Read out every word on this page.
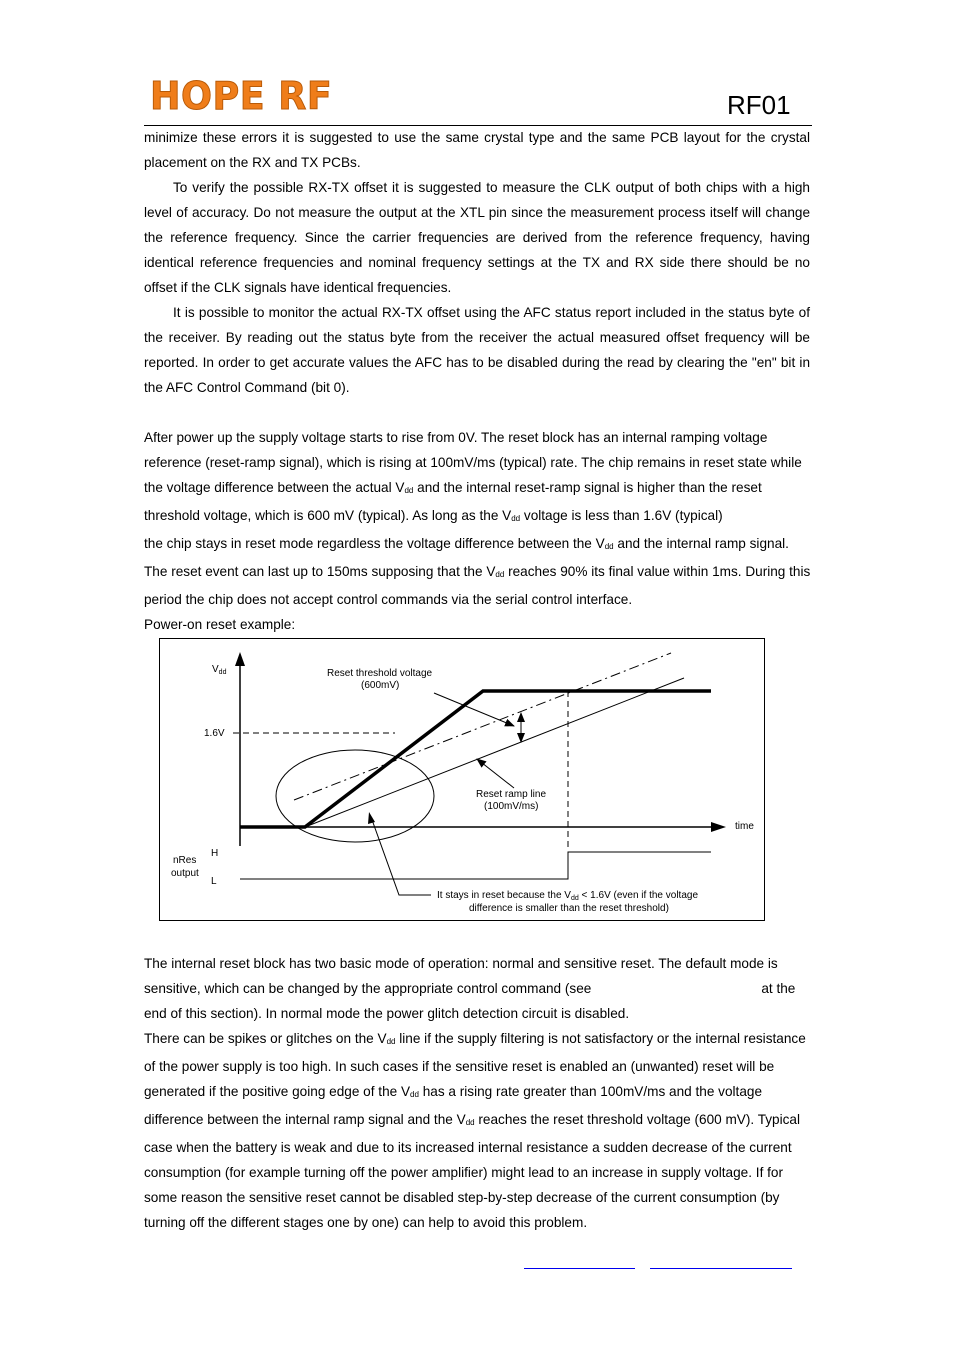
HOPE RF	RF01

minimize these errors it is suggested to use the same crystal type and the same PCB layout for the crystal placement on the RX and TX PCBs.

To verify the possible RX-TX offset it is suggested to measure the CLK output of both chips with a high level of accuracy. Do not measure the output at the XTL pin since the measurement process itself will change the reference frequency. Since the carrier frequencies are derived from the reference frequency, having identical reference frequencies and nominal frequency settings at the TX and RX side there should be no offset if the CLK signals have identical frequencies.

It is possible to monitor the actual RX-TX offset using the AFC status report included in the status byte of the receiver. By reading out the status byte from the receiver the actual measured offset frequency will be reported. In order to get accurate values the AFC has to be disabled during the read by clearing the "en" bit in the AFC Control Command (bit 0).

After power up the supply voltage starts to rise from 0V. The reset block has an internal ramping voltage
reference (reset-ramp signal), which is rising at 100mV/ms (typical) rate. The chip remains in reset state while
the voltage difference between the actual $V_{dd}$ and the internal reset-ramp signal is higher than the reset
threshold voltage, which is 600 mV (typical). As long as the $V_{dd}$ voltage is less than 1.6V (typical)
the chip stays in reset mode regardless the voltage difference between the $V_{dd}$ and the internal ramp signal.
The reset event can last up to 150ms supposing that the $V_{dd}$ reaches 90% its final value within 1ms. During this
period the chip does not accept control commands via the serial control interface.
Power-on reset example:
$V_{dd}$
time
1.6V
Reset threshold voltage
(600mV)
Reset ramp line
(100mV/ms)
H
L
nRes
output
It stays in reset because the $V_{dd} < 1.6V$ (even if the voltage
difference is smaller than the reset threshold)
The internal reset block has two basic mode of operation: normal and sensitive reset. The default mode is
sensitive, which can be changed by the appropriate control command (see	at the
end of this section). In normal mode the power glitch detection circuit is disabled.
There can be spikes or glitches on the $V_{dd}$ line if the supply filtering is not satisfactory or the internal resistance
of the power supply is too high. In such cases if the sensitive reset is enabled an (unwanted) reset will be
generated if the positive going edge of the $V_{dd}$ has a rising rate greater than 100mV/ms and the voltage
difference between the internal ramp signal and the $V_{dd}$ reaches the reset threshold voltage (600 mV). Typical
case when the battery is weak and due to its increased internal resistance a sudden decrease of the current
consumption (for example turning off the power amplifier) might lead to an increase in supply voltage. If for
some reason the sensitive reset cannot be disabled step-by-step decrease of the current consumption (by
turning off the different stages one by one) can help to avoid this problem.
